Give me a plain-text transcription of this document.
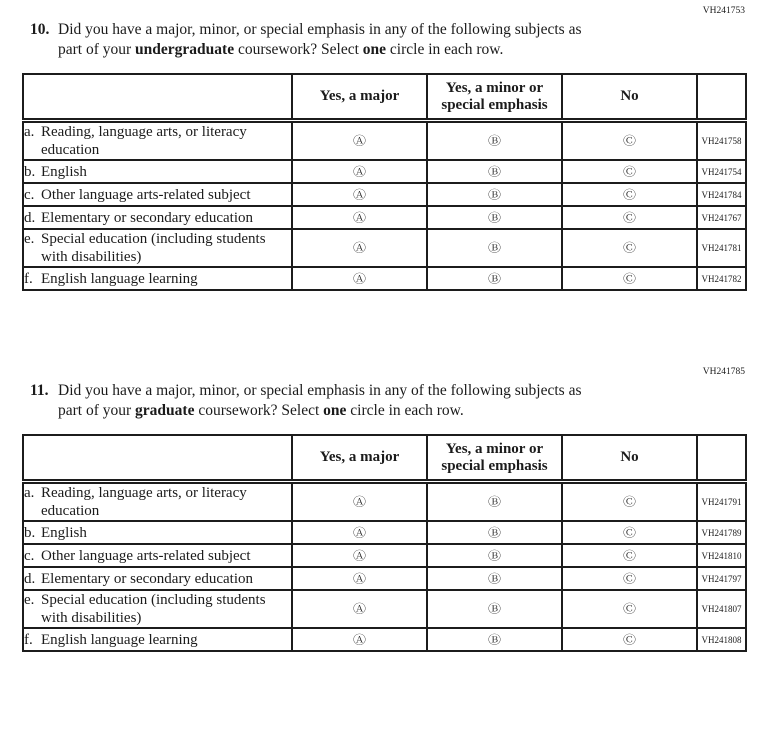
VH241753
10. Did you have a major, minor, or special emphasis in any of the following subjects as
part of your undergraduate coursework? Select one circle in each row.
	Yes, a major	Yes, a minor or special emphasis	No	

a. Reading, language arts, or literacy education	Ⓐ	Ⓑ	Ⓒ	VH241758

b. English	Ⓐ	Ⓑ	Ⓒ	VH241754

c. Other language arts-related subject	Ⓐ	Ⓑ	Ⓒ	VH241784

d. Elementary or secondary education	Ⓐ	Ⓑ	Ⓒ	VH241767

e. Special education (including students with disabilities)	Ⓐ	Ⓑ	Ⓒ	VH241781

f. English language learning	Ⓐ	Ⓑ	Ⓒ	VH241782
VH241785
11. Did you have a major, minor, or special emphasis in any of the following subjects as
part of your graduate coursework? Select one circle in each row.
	Yes, a major	Yes, a minor or special emphasis	No	

a. Reading, language arts, or literacy education	Ⓐ	Ⓑ	Ⓒ	VH241791

b. English	Ⓐ	Ⓑ	Ⓒ	VH241789

c. Other language arts-related subject	Ⓐ	Ⓑ	Ⓒ	VH241810

d. Elementary or secondary education	Ⓐ	Ⓑ	Ⓒ	VH241797

e. Special education (including students with disabilities)	Ⓐ	Ⓑ	Ⓒ	VH241807

f. English language learning	Ⓐ	Ⓑ	Ⓒ	VH241808
